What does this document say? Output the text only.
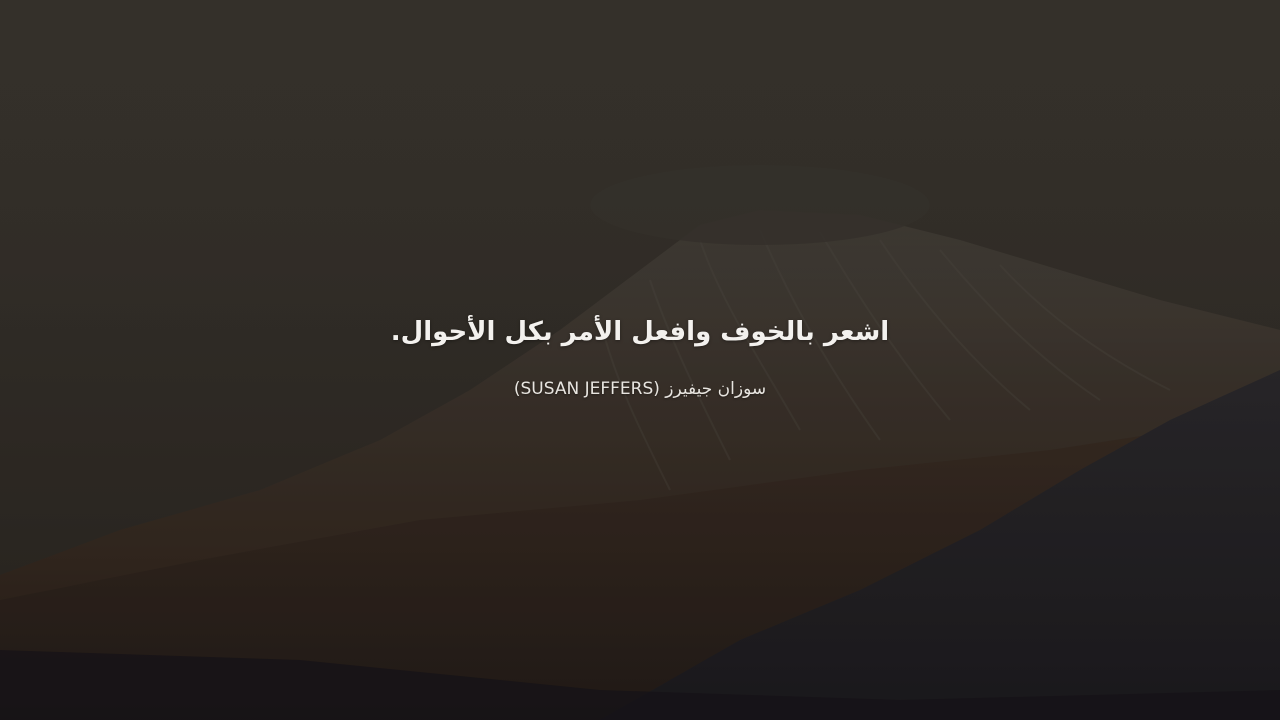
اشعر بالخوف وافعل الأمر بكل الأحوال.

سوزان جيفيرز (SUSAN JEFFERS)
